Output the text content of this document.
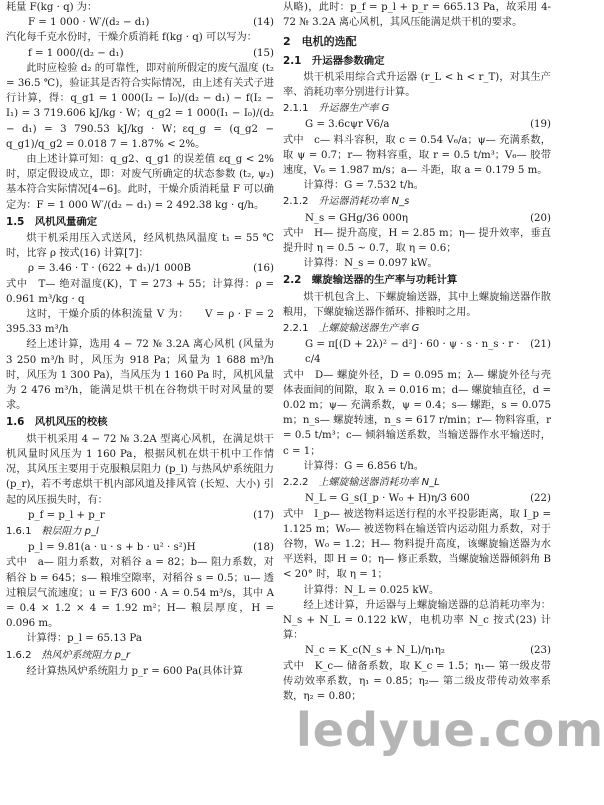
耗量 F(kg · q) 为：

F = 1 000 · W′/(d₂ − d₁)	(14)

汽化每千克水份时，干燥介质消耗 f(kg · q) 可以写为：

f = 1 000/(d₂ − d₁)	(15)

此时应检验 d₂ 的可靠性，即对前所假定的废气温度 (t₂ = 36.5 ℃)，验证其是否符合实际情况，由上述有关式子进行计算，得：q_g1 = 1 000(I₂ − I₀)/(d₂ − d₁) − f(I₂ − I₁) = 3 719.606 kJ/kg · W；q_g2 = 1 000(I₁ − I₀)/(d₂ − d₁) = 3 790.53 kJ/kg · W；εq_g = (q_g2 − q_g1)/q_g2 = 0.018 7 = 1.87% < 2%。

由上述计算可知：q_g2、q_g1 的误差值 εq_g < 2% 时，原定假设成立，即：对废气所确定的状态参数 (t₂, ψ₂) 基本符合实际情况[4−6]。此时，干燥介质消耗量 F 可以确定为：F = 1 000 W′/(d₂ − d₁) = 2 492.38 kg · q/h。

1.5　风机风量确定

烘干机采用压入式送风，经风机热风温度 t₁ = 55 ℃ 时，比容 ρ 按式(16) 计算[7]：

ρ = 3.46 · T · (622 + d₁)/1 000B	(16)

式中　T— 绝对温度(K)，T = 273 + 55；计算得：ρ = 0.961 m³/kg · q

这时，干燥介质的体积流量 V 为：　　V = ρ · F = 2 395.33 m³/h

经上述计算，选用 4 − 72 № 3.2A 离心风机 (风量为 3 250 m³/h 时，风压为 918 Pa；风量为 1 688 m³/h 时，风压为 1 300 Pa)，当风压为 1 160 Pa 时，风机风量为 2 476 m³/h，能满足烘干机在谷物烘干时对风量的要求。

1.6　风机风压的校核

烘干机采用 4 − 72 № 3.2A 型离心风机，在满足烘干机风量时风压为 1 160 Pa，根据风机在烘干机中工作情况，其风压主要用于克服粮层阻力 (p_l) 与热风炉系统阻力 (p_r)，若不考虑烘干机内部风道及排风管 (长短、大小) 引起的风压损失时，有：

p_f = p_l + p_r	(17)
1.6.1 粮层阻力 p_l
p_l = 9.81(a · u · s + b · u² · s²)H	(18)

式中　a— 阻力系数，对稻谷 a = 82；b— 阻力系数，对稻谷 b = 645；s— 粮堆空隙率，对稻谷 s = 0.5；u— 透过粮层气流速度；u = F/3 600 · A = 0.54 m³/s，其中 A = 0.4 × 1.2 × 4 = 1.92 m²；H— 粮层厚度，H = 0.096 m。

计算得：p_l = 65.13 Pa

1.6.2 热风炉系统阻力 p_r

经计算热风炉系统阻力 p_r = 600 Pa(具体计算

从略)，此时：p_f = p_l + p_r = 665.13 Pa，故采用 4-72 № 3.2A 离心风机，其风压能满足烘干机的要求。

2　电机的选配
2.1　升运器参数确定

烘干机采用综合式升运器 (r_L < h < r_T)，对其生产率、消耗功率分别进行计算。

2.1.1 升运器生产率 G
G = 3.6cψr V6/a	(19)

式中　c— 料斗容积，取 c = 0.54 V₆/a；ψ— 充满系数，取 ψ = 0.7；r— 物料容重，取 r = 0.5 t/m³；V₆— 胶带速度，V₆ = 1.987 m/s；a— 斗距，取 a = 0.179 5 m。

计算得：G = 7.532 t/h。

2.1.2 升运器消耗功率 N_s
N_s = GHg/36 000η	(20)

式中　H— 提升高度，H = 2.85 m；η— 提升效率，垂直提升时 η = 0.5 ~ 0.7，取 η = 0.6；

计算得：N_s = 0.097 kW。

2.2　螺旋输送器的生产率与功耗计算

烘干机包含上、下螺旋输送器，其中上螺旋输送器作散粮用，下螺旋输送器作循环、排粮时之用。

2.2.1 上螺旋输送器生产率 G
G = π[(D + 2λ)² − d²] · 60 · ψ · s · n_s · r · c/4
(21)

式中　D— 螺旋外径，D = 0.095 m；λ— 螺旋外径与壳体表面间的间隙，取 λ = 0.016 m；d— 螺旋轴直径，d = 0.02 m；ψ— 充满系数，ψ = 0.4；s— 螺距，s = 0.075 m；n_s— 螺旋转速，n_s = 617 r/min；r— 物料容重，r = 0.5 t/m³；c— 倾斜输送系数，当输送器作水平输送时，c = 1；

计算得：G = 6.856 t/h。

2.2.2 上螺旋输送器消耗功率 N_L
N_L = G_s(I_p · W₀ + H)η/3 600	(22)

式中　I_p— 被送物料运送行程的水平投影距离，取 I_p = 1.125 m；W₀— 被送物料在输送管内运动阻力系数，对于谷物，W₀ = 1.2；H— 物料提升高度，该螺旋输送器为水平送料，即 H = 0；η— 修正系数，当螺旋输送器倾斜角 B < 20° 时，取 η = 1；

计算得：N_L = 0.025 kW。

经上述计算，升运器与上螺旋输送器的总消耗功率为：N_s + N_L = 0.122 kW，电机功率 N_c 按式(23) 计算：

N_c = K_c(N_s + N_L)/η₁η₂	(23)

式中　K_c— 储备系数，取 K_c = 1.5；η₁— 第一级皮带传动效率系数，η₁ = 0.85；η₂— 第二级皮带传动效率系数，η₂ = 0.80；

ledyue.com
